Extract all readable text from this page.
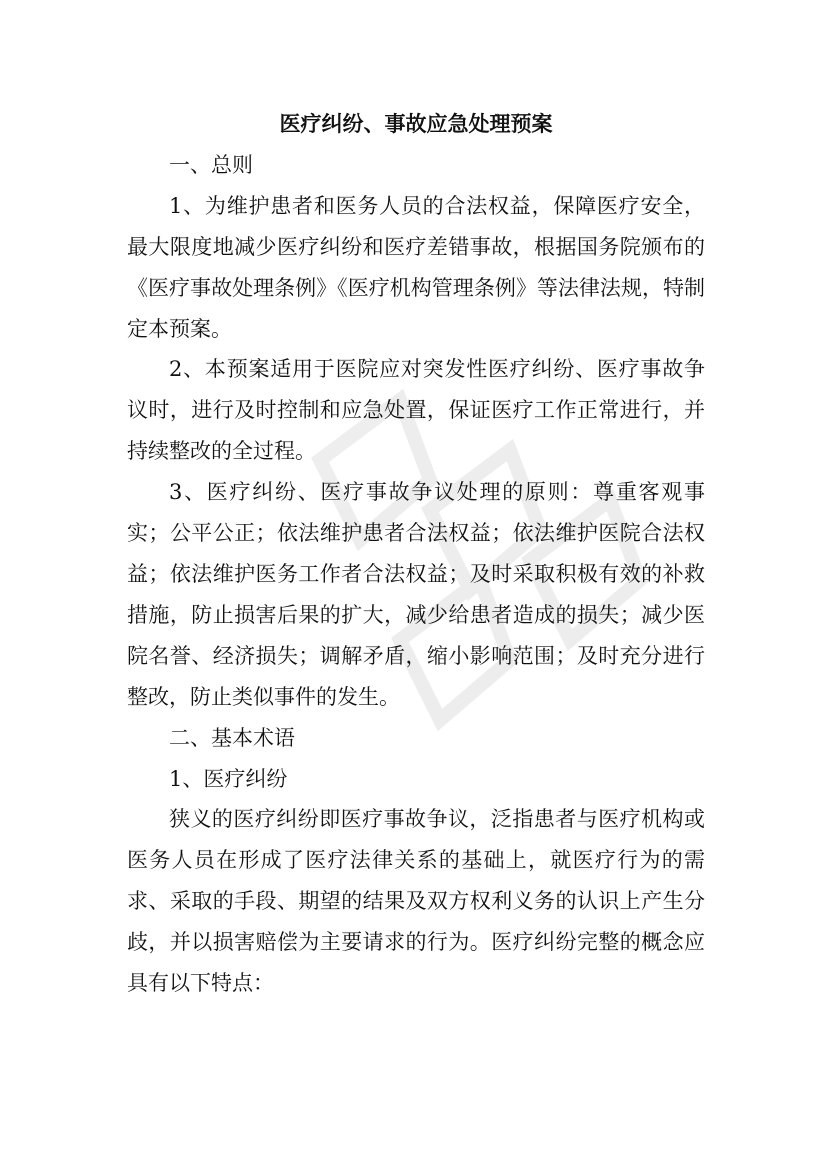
医疗纠纷、事故应急处理预案

一、总则

1、为维护患者和医务人员的合法权益，保障医疗安全，最大限度地减少医疗纠纷和医疗差错事故，根据国务院颁布的《医疗事故处理条例》《医疗机构管理条例》等法律法规，特制定本预案。

2、本预案适用于医院应对突发性医疗纠纷、医疗事故争议时，进行及时控制和应急处置，保证医疗工作正常进行，并持续整改的全过程。

3、医疗纠纷、医疗事故争议处理的原则：尊重客观事实；公平公正；依法维护患者合法权益；依法维护医院合法权益；依法维护医务工作者合法权益；及时采取积极有效的补救措施，防止损害后果的扩大，减少给患者造成的损失；减少医院名誉、经济损失；调解矛盾，缩小影响范围；及时充分进行整改，防止类似事件的发生。

二、基本术语

1、医疗纠纷

狭义的医疗纠纷即医疗事故争议，泛指患者与医疗机构或医务人员在形成了医疗法律关系的基础上，就医疗行为的需求、采取的手段、期望的结果及双方权利义务的认识上产生分歧，并以损害赔偿为主要请求的行为。医疗纠纷完整的概念应具有以下特点：
